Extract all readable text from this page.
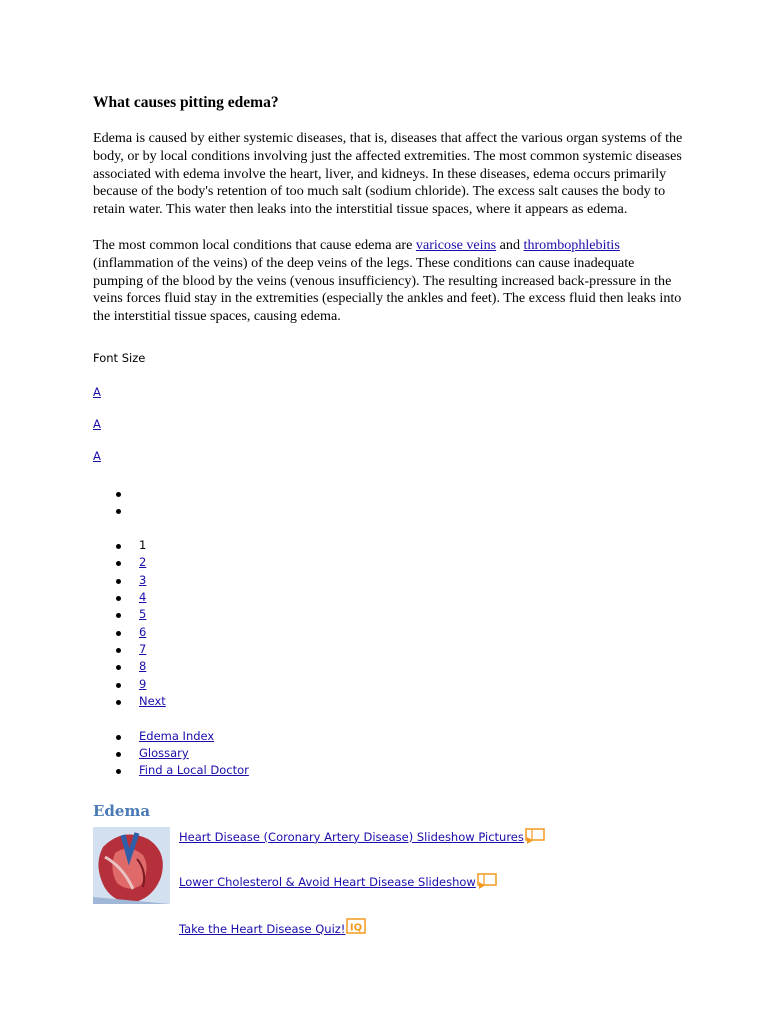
What causes pitting edema?

Edema is caused by either systemic diseases, that is, diseases that affect the various organ systems of the body, or by local conditions involving just the affected extremities. The most common systemic diseases associated with edema involve the heart, liver, and kidneys. In these diseases, edema occurs primarily because of the body's retention of too much salt (sodium chloride). The excess salt causes the body to retain water. This water then leaks into the interstitial tissue spaces, where it appears as edema.

The most common local conditions that cause edema are varicose veins and thrombophlebitis (inflammation of the veins) of the deep veins of the legs. These conditions can cause inadequate pumping of the blood by the veins (venous insufficiency). The resulting increased back-pressure in the veins forces fluid stay in the extremities (especially the ankles and feet). The excess fluid then leaks into the interstitial tissue spaces, causing edema.

Font Size
A
A
A
1
2
3
4
5
6
7
8
9
Next
Edema Index
Glossary
Find a Local Doctor
Edema
Heart Disease (Coronary Artery Disease) Slideshow Pictures
Lower Cholesterol & Avoid Heart Disease Slideshow
Take the Heart Disease Quiz! IQ
